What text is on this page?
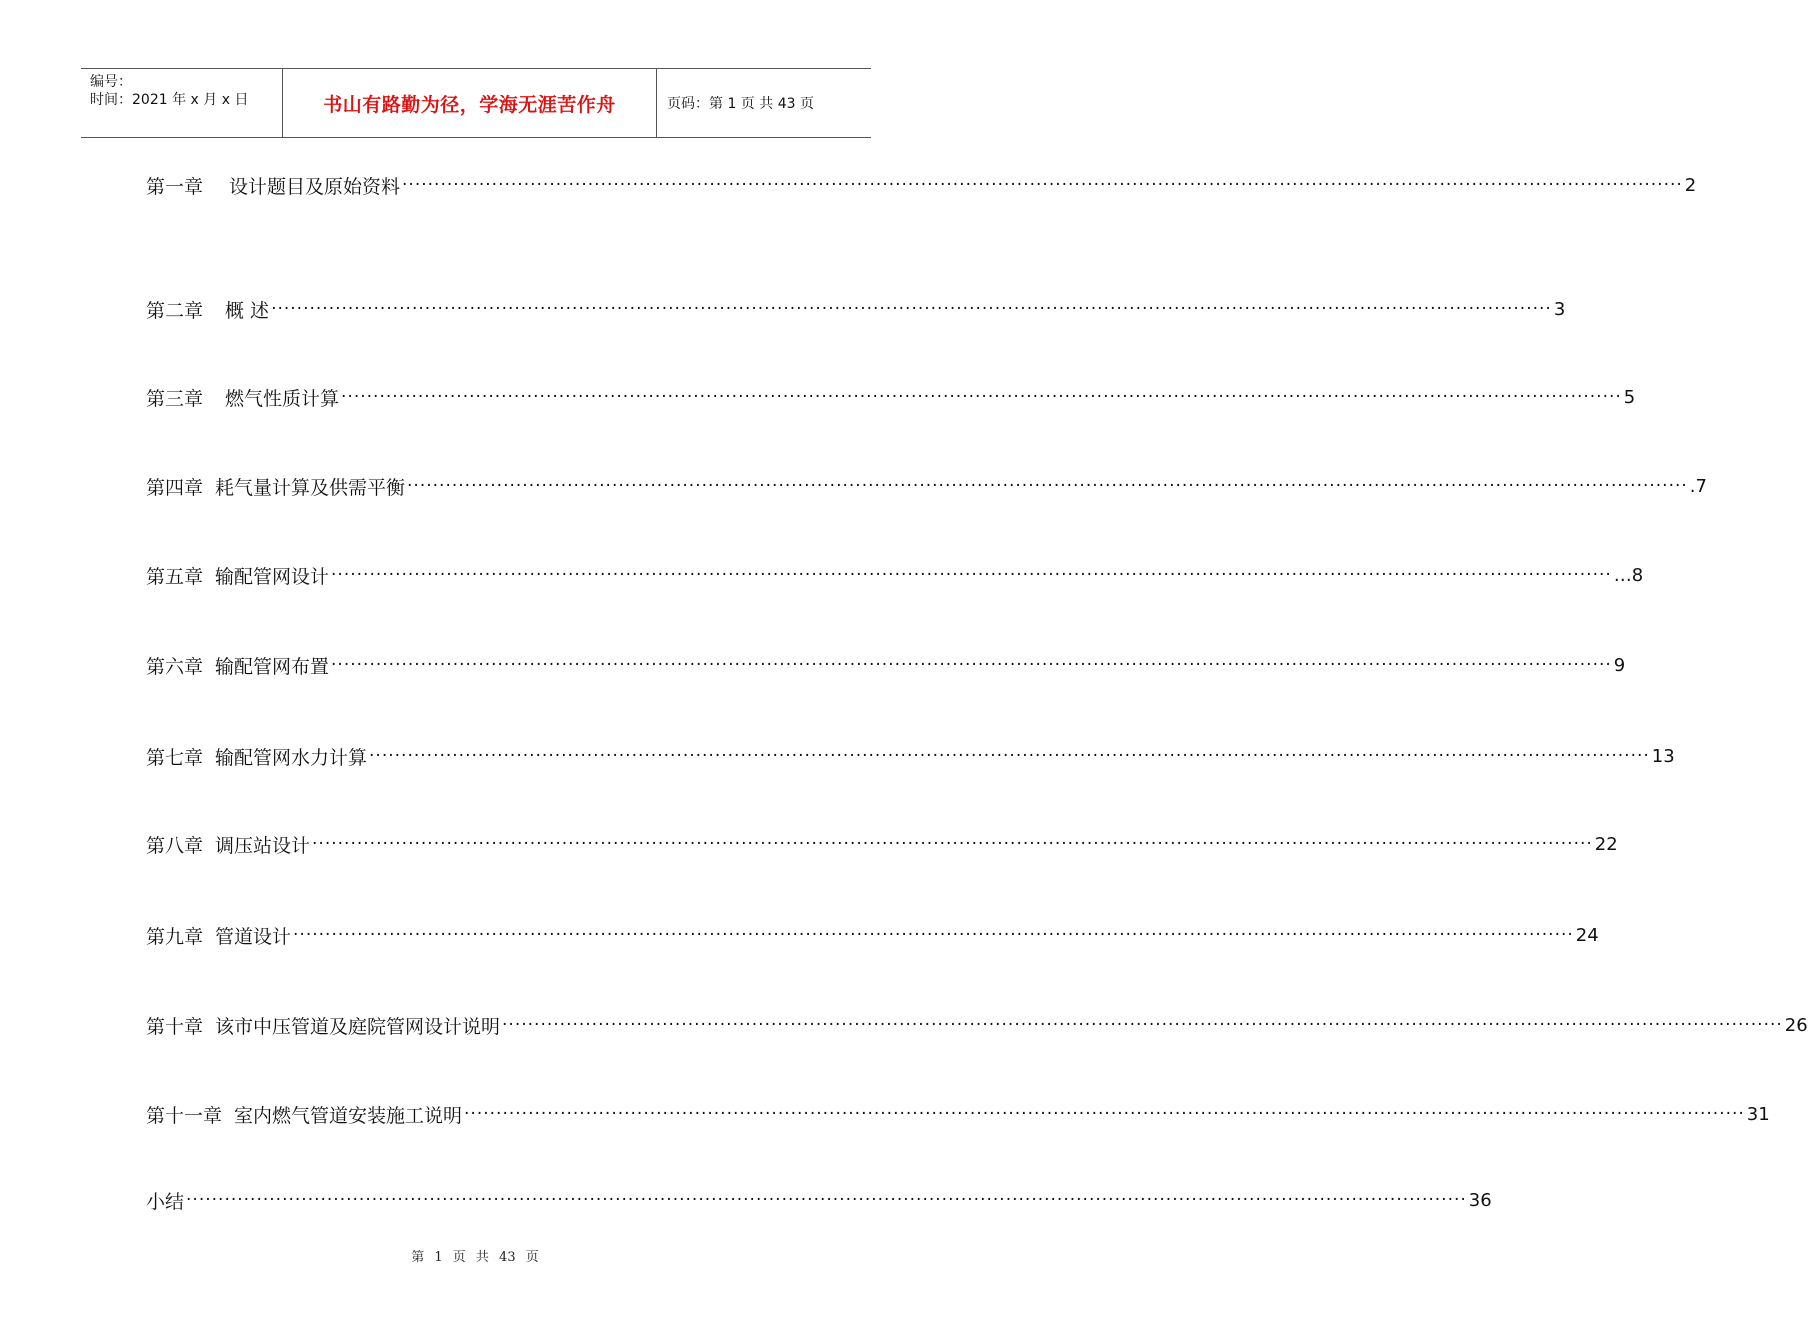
编号：
时间：2021 年 x 月 x 日	书山有路勤为径，学海无涯苦作舟	页码：第 1 页 共 43 页
第一章 设计题目及原始资料 ········································································································································································································ 2
第二章 概 述 ········································································································································································································ 3
第三章 燃气性质计算 ········································································································································································································ 5
第四章 耗气量计算及供需平衡 ········································································································································································································ .7
第五章 输配管网设计 ········································································································································································································ …8
第六章 输配管网布置 ········································································································································································································ 9
第七章 输配管网水力计算 ········································································································································································································ 13
第八章 调压站设计 ········································································································································································································ 22
第九章 管道设计 ········································································································································································································ 24
第十章 该市中压管道及庭院管网设计说明 ········································································································································································································ 26
第十一章 室内燃气管道安装施工说明 ········································································································································································································ 31
小结 ········································································································································································································ 36
第 1 页 共 43 页
